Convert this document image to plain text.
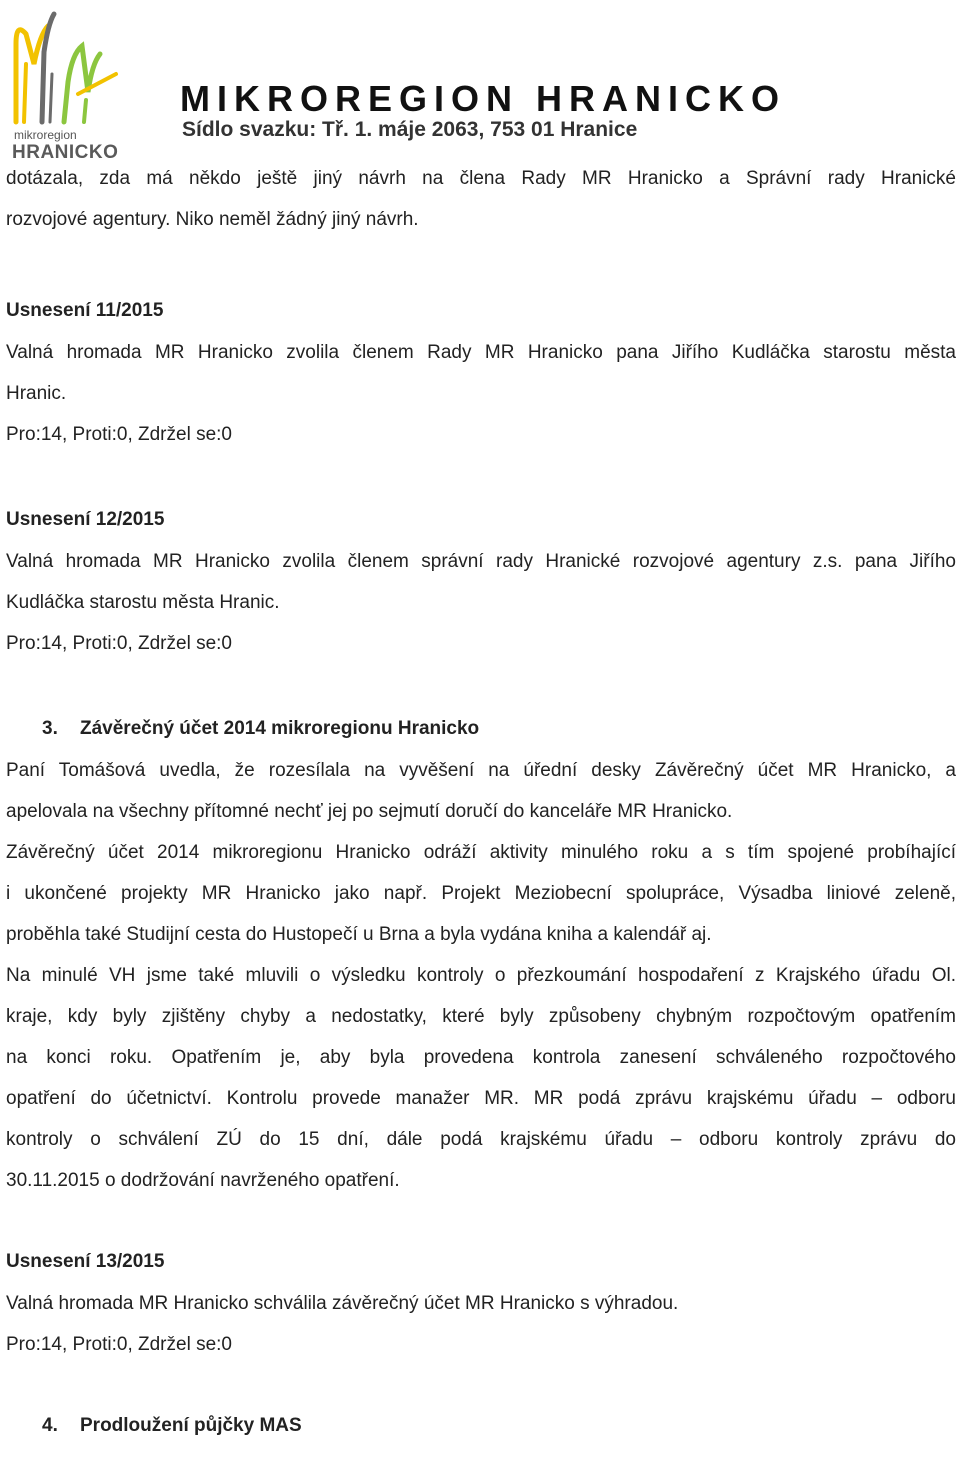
mikroregion
HRANICKO
MIKROREGION HRANICKO
Sídlo svazku: Tř. 1. máje 2063, 753 01 Hranice

dotázala, zda má někdo ještě jiný návrh na člena Rady MR Hranicko a Správní rady Hranické

rozvojové agentury. Niko neměl žádný jiný návrh.

Usnesení 11/2015

Valná hromada MR Hranicko zvolila členem Rady MR Hranicko pana Jiřího Kudláčka starostu města

Hranic.

Pro:14, Proti:0, Zdržel se:0

Usnesení 12/2015

Valná hromada MR Hranicko zvolila členem správní rady Hranické rozvojové agentury z.s. pana Jiřího

Kudláčka starostu města Hranic.

Pro:14, Proti:0, Zdržel se:0

3. Závěrečný účet 2014 mikroregionu Hranicko

Paní Tomášová uvedla, že rozesílala na vyvěšení na úřední desky Závěrečný účet MR Hranicko, a

apelovala na všechny přítomné nechť jej po sejmutí doručí do kanceláře MR Hranicko.

Závěrečný účet 2014 mikroregionu Hranicko odráží aktivity minulého roku a s tím spojené probíhající

i ukončené projekty MR Hranicko jako např. Projekt Meziobecní spolupráce, Výsadba liniové zeleně,

proběhla také Studijní cesta do Hustopečí u Brna a byla vydána kniha a kalendář aj.

Na minulé VH jsme také mluvili o výsledku kontroly o přezkoumání hospodaření z Krajského úřadu Ol.

kraje, kdy byly zjištěny chyby a nedostatky, které byly způsobeny chybným rozpočtovým opatřením

na konci roku. Opatřením je, aby byla provedena kontrola zanesení schváleného rozpočtového

opatření do účetnictví. Kontrolu provede manažer MR. MR podá zprávu krajskému úřadu – odboru

kontroly o schválení ZÚ do 15 dní, dále podá krajskému úřadu – odboru kontroly zprávu do

30.11.2015 o dodržování navrženého opatření.

Usnesení 13/2015

Valná hromada MR Hranicko schválila závěrečný účet MR Hranicko s výhradou.

Pro:14, Proti:0, Zdržel se:0

4. Prodloužení půjčky MAS
